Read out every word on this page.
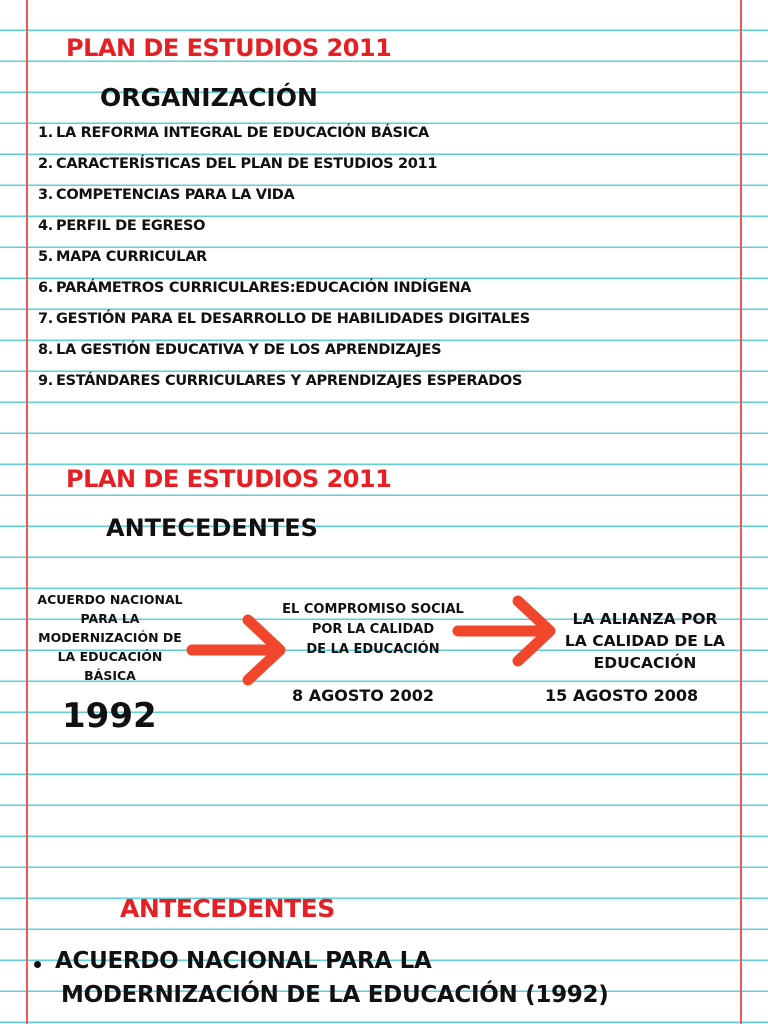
PLAN DE ESTUDIOS 2011
ORGANIZACIÓN
1. LA REFORMA INTEGRAL DE EDUCACIÓN BÁSICA
2. CARACTERÍSTICAS DEL PLAN DE ESTUDIOS 2011
3. COMPETENCIAS PARA LA VIDA
4. PERFIL DE EGRESO
5. MAPA CURRICULAR
6. PARÁMETROS CURRICULARES:EDUCACIÓN INDÍGENA
7. GESTIÓN PARA EL DESARROLLO DE HABILIDADES DIGITALES
8. LA GESTIÓN EDUCATIVA Y DE LOS APRENDIZAJES
9. ESTÁNDARES CURRICULARES Y APRENDIZAJES ESPERADOS
PLAN DE ESTUDIOS 2011
ANTECEDENTES
ACUERDO NACIONAL
PARA LA
MODERNIZACIÓN DE
LA EDUCACIÓN
BÁSICA
1992
EL COMPROMISO SOCIAL
POR LA CALIDAD
DE LA EDUCACIÓN
8 AGOSTO 2002
LA ALIANZA POR
LA CALIDAD DE LA
EDUCACIÓN
15 AGOSTO 2008
ANTECEDENTES
ACUERDO NACIONAL PARA LA
MODERNIZACIÓN DE LA EDUCACIÓN (1992)
